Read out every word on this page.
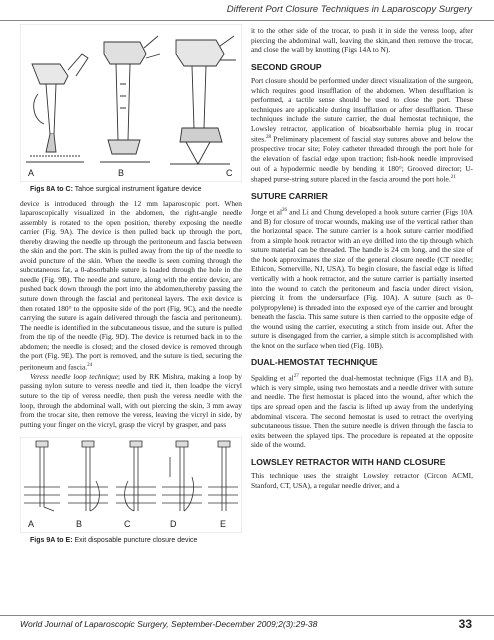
Different Port Closure Techniques in Laparoscopy Surgery
A	B	C
Figs 8A to C: Tahoe surgical instrument ligature device

device is introduced through the 12 mm laparoscopic port. When laparoscopically visualized in the abdomen, the right-angle needle assembly is rotated to the open position, thereby exposing the needle carrier (Fig. 9A). The device is then pulled back up through the port, thereby drawing the needle up through the peritoneum and fascia between the skin and the port. The skin is pulled away from the tip of the needle to avoid puncture of the skin. When the needle is seen coming through the subcutaneous fat, a 0-absorbable suture is loaded through the hole in the needle (Fig. 9B). The needle and suture, along with the entire device, are pushed back down through the port into the abdomen,thereby passing the suture down through the fascial and peritoneal layers. The exit device is then rotated 180° to the opposite side of the port (Fig. 9C), and the needle carrying the suture is again delivered through the fascia and peritoneum). The needle is identified in the subcutaneous tissue, and the suture is pulled from the tip of the needle (Fig. 9D). The device is returned back in to the abdomen; the needle is closed; and the closed device is removed through the port (Fig. 9E). The port is removed, and the suture is tied, securing the peritoneum and fascia.$^{24}$

Veress needle loop technique; used by RK Mishra, making a loop by passing nylon suture to veress needle and tied it, then loadpe the vicryl suture to the tip of veress needle, then push the veress needle with the loop, through the abdominal wall, with out piercing the skin, 3 mm away from the trocar site, then remove the veress, leaving the vicryl in side, by putting your finger on the vicryl, grasp the vicryl by grasper, and pass

A	B	C	D	E
Figs 9A to E: Exit disposable puncture closure device

it to the other side of the trocar, to push it in side the veress loop, after piercing the abdominal wall, leaving the skin,and then remove the trocar, and close the wall by knotting (Figs 14A to N).

SECOND GROUP

Port closure should be performed under direct visualization of the surgeon, which requires good insufflation of the abdomen. When desufflation is performed, a tactile sense should be used to close the port. These techniques are applicable during insufflation or after desufflation. These techniques include the suture carrier, the dual hemostat technique, the Lowsley retractor, application of bioabsorbable hernia plug in trocar sites.$^{28}$ Preliminary placement of fascial stay sutures above and below the prospective trocar site; Foley catheter threaded through the port hole for the elevation of fascial edge upon traction; fish-hook needle improvised out of a hypodermic needle by bending it 180°; Grooved director; U-shaped purse-string suture placed in the fascia around the port hole.$^{21}$

SUTURE CARRIER

Jorge et $al^{26}$ and Li and Chung developed a hook suture carrier (Figs 10A and B) for closure of trocar wounds, making use of the vertical rather than the horizontal space. The suture carrier is a hook suture carrier modified from a simple hook retractor with an eye drilled into the tip through which suture material can be threaded. The handle is 24 cm long, and the size of the hook approximates the size of the general closure needle (CT needle; Ethicon, Somerville, NJ, USA). To begin closure, the fascial edge is lifted vertically with a hook retractor, and the suture carrier is partially inserted into the wound to catch the peritoneum and fascia under direct vision, piercing it from the undersurface (Fig. 10A). A suture (such as 0-polypropylene) is threaded into the exposed eye of the carrier and brought beneath the fascia. This same suture is then carried to the opposite edge of the wound using the carrier, executing a stitch from inside out. After the suture is disengaged from the carrier, a simple stitch is accomplished with the knot on the surface when tied (Fig. 10B).

DUAL-HEMOSTAT TECHNIQUE

Spalding et $al^{27}$ reported the dual-hemostat technique (Figs 11A and B), which is very simple, using two hemostats and a needle driver with suture and needle. The first hemostat is placed into the wound, after which the tips are spread open and the fascia is lifted up away from the underlying abdominal viscera. The second hemostat is used to retract the overlying subcutaneous tissue. Then the suture needle is driven through the fascia to exits between the splayed tips. The procedure is repeated at the opposite side of the wound.

LOWSLEY RETRACTOR WITH HAND CLOSURE

This technique uses the straight Lowsley retractor (Circon ACMI, Stanford, CT, USA), a regular needle driver, and a

World Journal of Laparoscopic Surgery, September-December 2009;2(3):29-38	33
